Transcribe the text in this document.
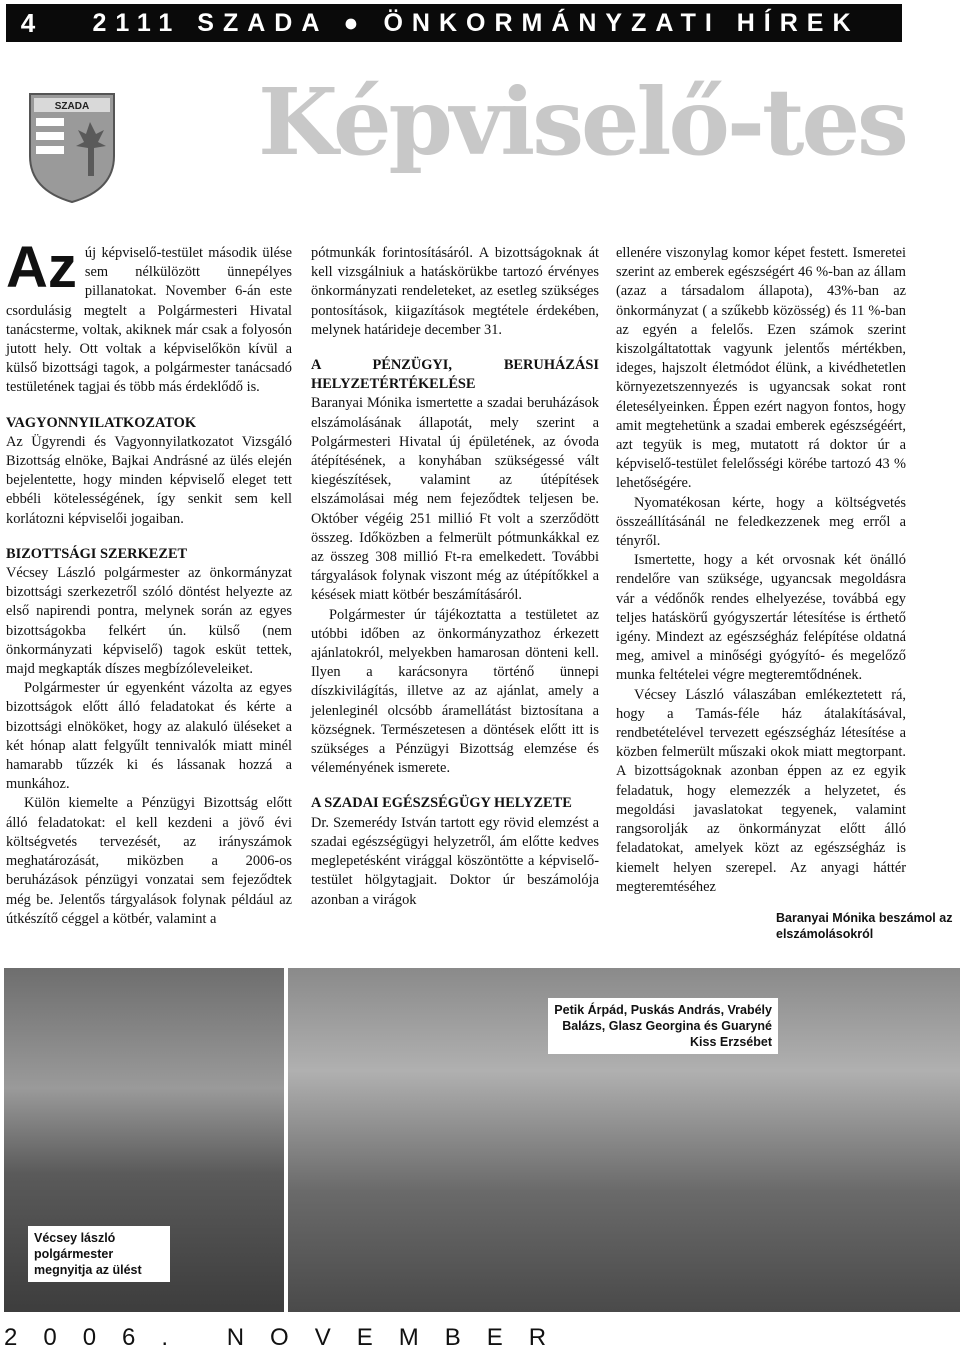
4	2111 SZADA ● ÖNKORMÁNYZATI HÍREK
SZADA Képviselő-tes

Az új képviselő-testület második ülése sem nélkülözött ünnepélyes pillanatokat. November 6-án este csordulásig megtelt a Polgármesteri Hivatal tanácsterme, voltak, akiknek már csak a folyosón jutott hely. Ott voltak a képviselőkön kívül a külső bizottsági tagok, a polgármester tanácsadó testületének tagjai és több más érdeklődő is.

VAGYONNYILATKOZATOK

Az Ügyrendi és Vagyonnyilatkozatot Vizsgáló Bizottság elnöke, Bajkai Andrásné az ülés elején bejelentette, hogy minden képviselő eleget tett ebbéli kötelességének, így senkit sem kell korlátozni képviselői jogaiban.

BIZOTTSÁGI SZERKEZET

Vécsey László polgármester az önkormányzat bizottsági szerkezetről szóló döntést helyezte az első napirendi pontra, melynek során az egyes bizottságokba felkért ún. külső (nem önkormányzati képviselő) tagok esküt tettek, majd megkapták díszes megbízóleveleiket.

Polgármester úr egyenként vázolta az egyes bizottságok előtt álló feladatokat és kérte a bizottsági elnököket, hogy az alakuló üléseket a két hónap alatt felgyűlt tennivalók miatt minél hamarabb tűzzék ki és lássanak hozzá a munkához.

Külön kiemelte a Pénzügyi Bizottság előtt álló feladatokat: el kell kezdeni a jövő évi költségvetés tervezését, az irányszámok meghatározását, miközben a 2006-os beruházások pénzügyi vonzatai sem fejeződtek még be. Jelentős tárgyalások folynak például az útkészítő céggel a kötbér, valamint a

pótmunkák forintosításáról. A bizottságoknak át kell vizsgálniuk a hatáskörükbe tartozó érvényes önkormányzati rendeleteket, az esetleg szükséges pontosítások, kiigazítások megtétele érdekében, melynek határideje december 31.

A PÉNZÜGYI, BERUHÁZÁSI HELYZETÉRTÉKELÉSE

Baranyai Mónika ismertette a szadai beruházások elszámolásának állapotát, mely szerint a Polgármesteri Hivatal új épületének, az óvoda átépítésének, a konyhában szükségessé vált kiegészítések, valamint az útépítések elszámolásai még nem fejeződtek teljesen be. Október végéig 251 millió Ft volt a szerződött összeg. Időközben a felmerült pótmunkákkal ez az összeg 308 millió Ft-ra emelkedett. További tárgyalások folynak viszont még az útépítőkkel a késések miatt kötbér beszámításáról.

Polgármester úr tájékoztatta a testületet az utóbbi időben az önkormányzathoz érkezett ajánlatokról, melyekben hamarosan dönteni kell. Ilyen a karácsonyra történő ünnepi díszkivilágítás, illetve az az ajánlat, amely a jelenleginél olcsóbb áramellátást biztosítana a községnek. Természetesen a döntések előtt itt is szükséges a Pénzügyi Bizottság elemzése és véleményének ismerete.

A SZADAI EGÉSZSÉGÜGY HELYZETE

Dr. Szemerédy István tartott egy rövid elemzést a szadai egészségügyi helyzetről, ám előtte kedves meglepetésként virággal köszöntötte a képviselő-testület hölgytagjait. Doktor úr beszámolója azonban a virágok

ellenére viszonylag komor képet festett. Ismeretei szerint az emberek egészségért 46 %-ban az állam (azaz a társadalom állapota), 43%-ban az önkormányzat ( a szűkebb közösség) és 11 %-ban az egyén a felelős. Ezen számok szerint kiszolgáltatottak vagyunk jelentős mértékben, ideges, hajszolt életmódot élünk, a kivédhetetlen környezetszennyezés is ugyancsak sokat ront életesélyeinken. Éppen ezért nagyon fontos, hogy amit megtehetünk a szadai emberek egészségéért, azt tegyük is meg, mutatott rá doktor úr a képviselő-testület felelősségi körébe tartozó 43 % lehetőségére.

Nyomatékosan kérte, hogy a költségvetés összeállításánál ne feledkezzenek meg erről a tényről.

Ismertette, hogy a két orvosnak két önálló rendelőre van szüksége, ugyancsak megoldásra vár a védőnők rendes elhelyezése, továbbá egy teljes hatáskörű gyógyszertár létesítése is érthető igény. Mindezt az egészségház felépítése oldatná meg, amivel a minőségi gyógyító- és megelőző munka feltételei végre megteremtődnének.

Vécsey László válaszában emlékeztetett rá, hogy a Tamás-féle ház átalakításával, rendbetételével tervezett egészségház létesítése a közben felmerült műszaki okok miatt megtorpant. A bizottságoknak azonban éppen az ez egyik feladatuk, hogy elemezzék a helyzetet, és megoldási javaslatokat tegyenek, valamint rangsorolják az önkormányzat előtt álló feladatokat, amelyek közt az egészségház is kiemelt helyen szerepel. Az anyagi háttér megteremtéséhez

Baranyai Mónika beszámol az elszámolásokról
Vécsey lászló polgármester megnyitja az ülést
Petik Árpád, Puskás András, Vrabély Balázs, Glasz Georgina és Guaryné Kiss Erzsébet
2006. NOVEMBER
